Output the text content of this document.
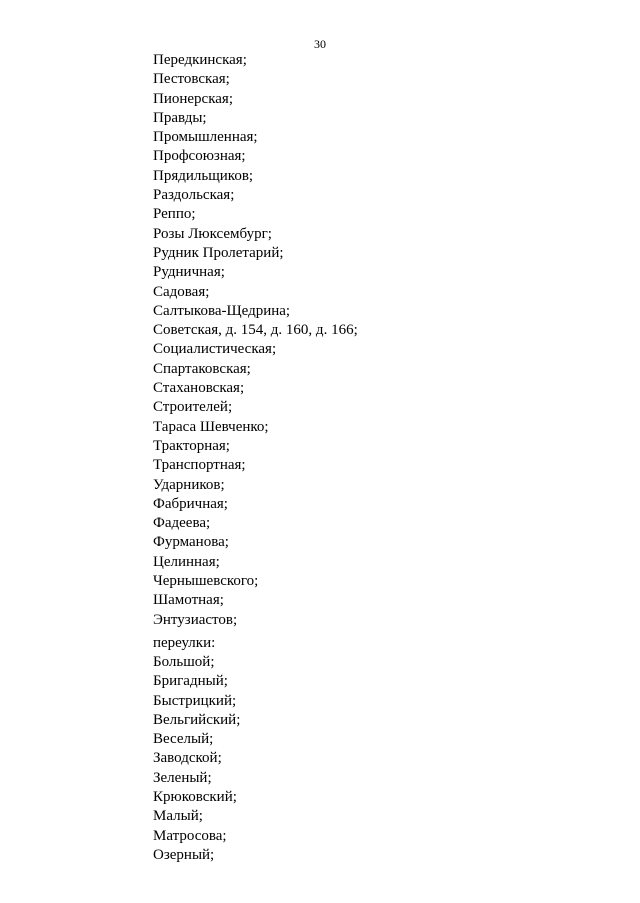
30
Передкинская;
Пестовская;
Пионерская;
Правды;
Промышленная;
Профсоюзная;
Прядильщиков;
Раздольская;
Реппо;
Розы Люксембург;
Рудник Пролетарий;
Рудничная;
Садовая;
Салтыкова-Щедрина;
Советская, д. 154, д. 160, д. 166;
Социалистическая;
Спартаковская;
Стахановская;
Строителей;
Тараса Шевченко;
Тракторная;
Транспортная;
Ударников;
Фабричная;
Фадеева;
Фурманова;
Целинная;
Чернышевского;
Шамотная;
Энтузиастов;

переулки:

Большой;
Бригадный;
Быстрицкий;
Вельгийский;
Веселый;
Заводской;
Зеленый;
Крюковский;
Малый;
Матросова;
Озерный;
